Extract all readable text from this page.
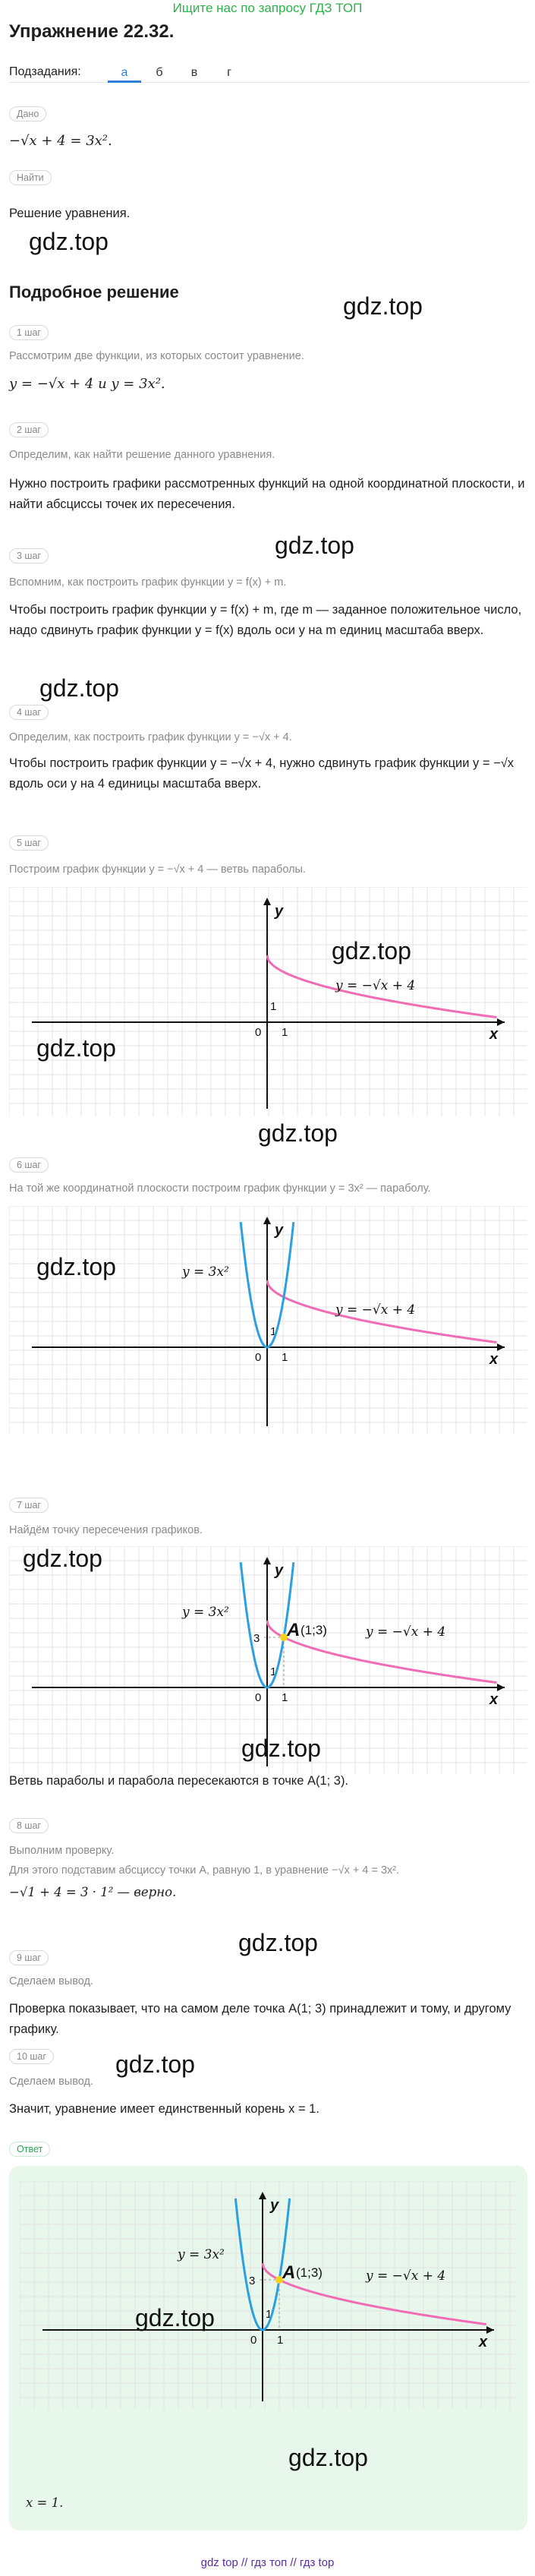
Ищите нас по запросу ГДЗ ТОП
Упражнение 22.32.
Подзадания:	а	б	в	г
Дано
−√x + 4 = 3x².
Найти
Решение уравнения.
gdz.top
Подробное решение
gdz.top
1 шаг
Рассмотрим две функции, из которых состоит уравнение.
y = −√x + 4 и y = 3x².
2 шаг
Определим, как найти решение данного уравнения.
Нужно построить графики рассмотренных функций на одной координатной плоскости, и найти абсциссы точек их пересечения.
gdz.top
3 шаг
Вспомним, как построить график функции y = f(x) + m.
Чтобы построить график функции y = f(x) + m, где m — заданное положительное число, надо сдвинуть график функции y = f(x) вдоль оси y на m единиц масштаба вверх.
gdz.top
4 шаг
Определим, как построить график функции y = −√x + 4.
Чтобы построить график функции y = −√x + 4, нужно сдвинуть график функции y = −√x вдоль оси y на 4 единицы масштаба вверх.
5 шаг
Построим график функции y = −√x + 4 — ветвь параболы.
x
y
0 1
1
y = −√x + 4
gdz.top
gdz.top
gdz.top
6 шаг
На той же координатной плоскости построим график функции y = 3x² — параболу.
x
y
0 1
1
y = −√x + 4
y = 3x²
gdz.top
7 шаг
Найдём точку пересечения графиков.
x
y
0 1
1
y = −√x + 4
y = 3x²
3 A (1;3)
gdz.top
gdz.top
Ветвь параболы и парабола пересекаются в точке A(1; 3).
8 шаг
Выполним проверку.
Для этого подставим абсциссу точки A, равную 1, в уравнение −√x + 4 = 3x².
−√1 + 4 = 3 · 1² — верно.
gdz.top
9 шаг
Сделаем вывод.
Проверка показывает, что на самом деле точка A(1; 3) принадлежит и тому, и другому графику.
10 шаг	gdz.top
Сделаем вывод.
Значит, уравнение имеет единственный корень x = 1.
Ответ
x
y
0 1
1
y = −√x + 4
y = 3x²
3 A (1;3)
gdz.top
gdz.top
x = 1.
gdz top // гдз топ // гдз top
